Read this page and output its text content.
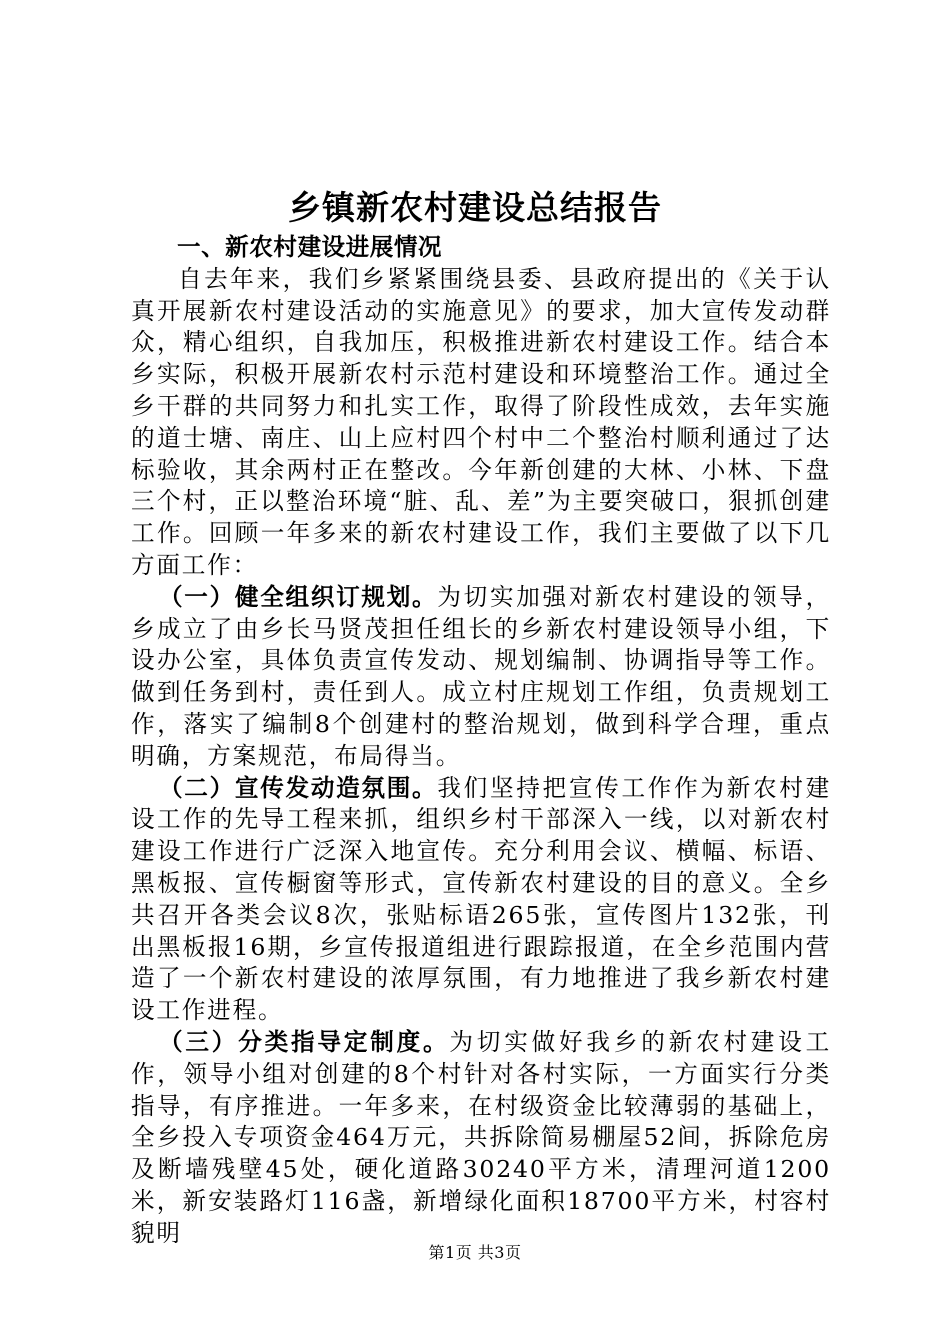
乡镇新农村建设总结报告

一、新农村建设进展情况

自去年来，我们乡紧紧围绕县委、县政府提出的《关于认真开展新农村建设活动的实施意见》的要求，加大宣传发动群众，精心组织，自我加压，积极推进新农村建设工作。结合本乡实际，积极开展新农村示范村建设和环境整治工作。通过全乡干群的共同努力和扎实工作，取得了阶段性成效，去年实施的道士塘、南庄、山上应村四个村中二个整治村顺利通过了达标验收，其余两村正在整改。今年新创建的大林、小林、下盘三个村，正以整治环境“脏、乱、差”为主要突破口，狠抓创建工作。回顾一年多来的新农村建设工作，我们主要做了以下几方面工作：

（一）健全组织订规划。为切实加强对新农村建设的领导，乡成立了由乡长马贤茂担任组长的乡新农村建设领导小组，下设办公室，具体负责宣传发动、规划编制、协调指导等工作。做到任务到村，责任到人。成立村庄规划工作组，负责规划工作，落实了编制8个创建村的整治规划，做到科学合理，重点明确，方案规范，布局得当。

（二）宣传发动造氛围。我们坚持把宣传工作作为新农村建设工作的先导工程来抓，组织乡村干部深入一线，以对新农村建设工作进行广泛深入地宣传。充分利用会议、横幅、标语、黑板报、宣传橱窗等形式，宣传新农村建设的目的意义。全乡共召开各类会议8次，张贴标语265张，宣传图片132张，刊出黑板报16期，乡宣传报道组进行跟踪报道，在全乡范围内营造了一个新农村建设的浓厚氛围，有力地推进了我乡新农村建设工作进程。

（三）分类指导定制度。为切实做好我乡的新农村建设工作，领导小组对创建的8个村针对各村实际，一方面实行分类指导，有序推进。一年多来，在村级资金比较薄弱的基础上，全乡投入专项资金464万元，共拆除简易棚屋52间，拆除危房及断墙残壁45处，硬化道路30240平方米，清理河道1200米，新安装路灯116盏，新增绿化面积18700平方米，村容村貌明

第1页 共3页
